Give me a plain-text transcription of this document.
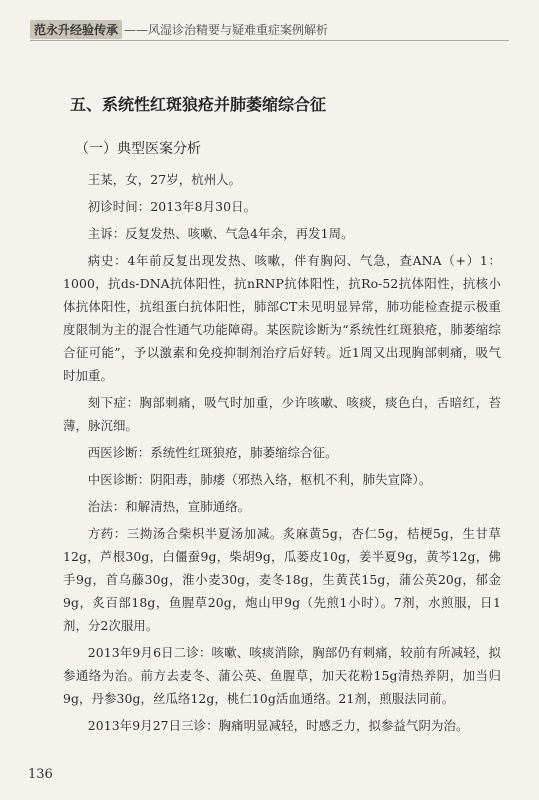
范永升经验传承 ——风湿诊治精要与疑难重症案例解析
五、系统性红斑狼疮并肺萎缩综合征
（一）典型医案分析

王某，女，27岁，杭州人。

初诊时间：2013年8月30日。

主诉：反复发热、咳嗽、气急4年余，再发1周。

病史：4年前反复出现发热、咳嗽，伴有胸闷、气急，查ANA（+）1：1000，抗ds-DNA抗体阳性，抗nRNP抗体阳性，抗Ro-52抗体阳性，抗核小体抗体阳性，抗组蛋白抗体阳性，肺部CT未见明显异常，肺功能检查提示极重度限制为主的混合性通气功能障碍。某医院诊断为“系统性红斑狼疮，肺萎缩综合征可能”，予以激素和免疫抑制剂治疗后好转。近1周又出现胸部刺痛，吸气时加重。

刻下症：胸部刺痛，吸气时加重，少许咳嗽、咳痰，痰色白，舌暗红，苔薄，脉沉细。

西医诊断：系统性红斑狼疮，肺萎缩综合征。

中医诊断：阴阳毒，肺痿（邪热入络，枢机不利，肺失宣降）。

治法：和解清热，宣肺通络。

方药：三拗汤合柴枳半夏汤加减。炙麻黄5g，杏仁5g，桔梗5g，生甘草12g，芦根30g，白僵蚕9g，柴胡9g，瓜蒌皮10g，姜半夏9g，黄芩12g，佛手9g，首乌藤30g，淮小麦30g，麦冬18g，生黄芪15g，蒲公英20g，郁金9g，炙百部18g，鱼腥草20g，炮山甲9g（先煎1小时）。7剂，水煎服，日1剂，分2次服用。

2013年9月6日二诊：咳嗽、咳痰消除，胸部仍有刺痛，较前有所减轻，拟参通络为治。前方去麦冬、蒲公英、鱼腥草，加天花粉15g清热养阴，加当归9g，丹参30g，丝瓜络12g，桃仁10g活血通络。21剂，煎服法同前。

2013年9月27日三诊：胸痛明显减轻，时感乏力，拟参益气阴为治。

136
